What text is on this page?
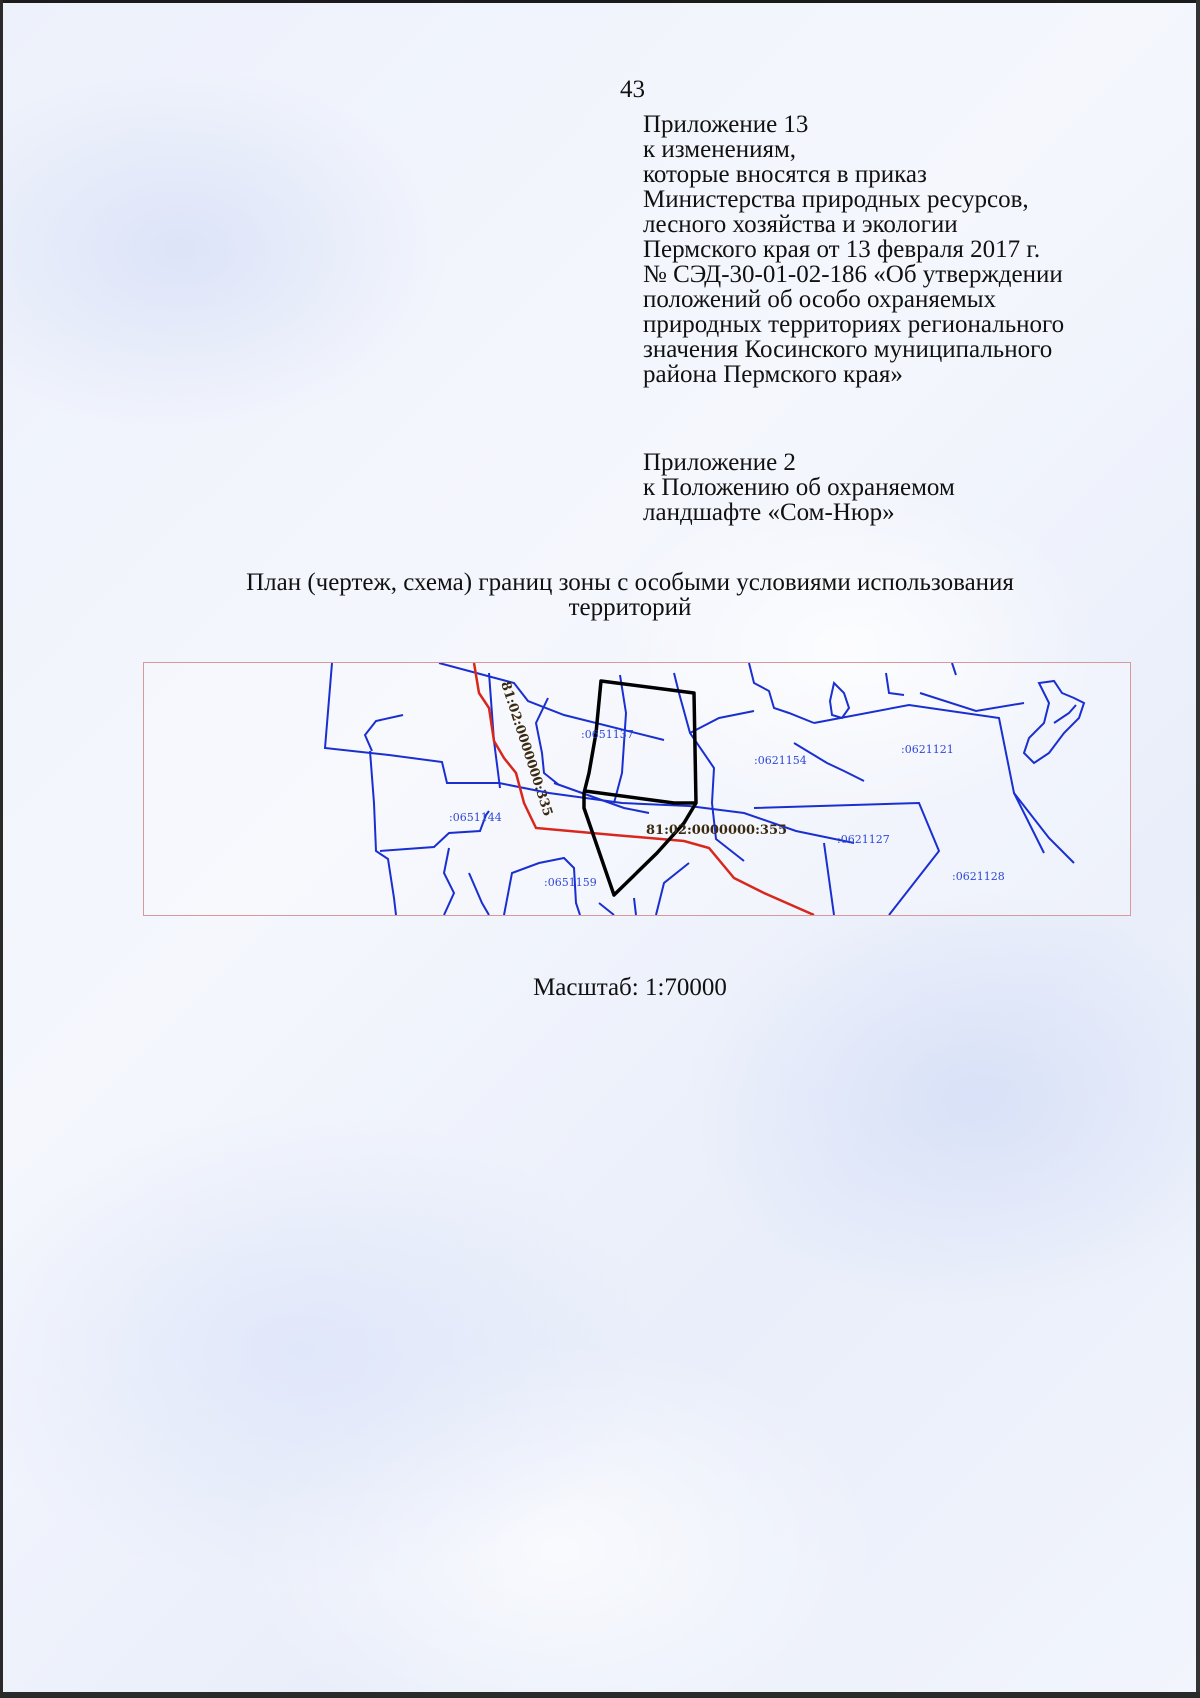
43
Приложение 13
к изменениям,
которые вносятся в приказ
Министерства природных ресурсов,
лесного хозяйства и экологии
Пермского края от 13 февраля 2017 г.
№ СЭД-30-01-02-186 «Об утверждении
положений об особо охраняемых
природных территориях регионального
значения Косинского муниципального
района Пермского края»
Приложение 2
к Положению об охраняемом
ландшафте «Сом-Нюр»
План (чертеж, схема) границ зоны с особыми условиями использования
территорий
:0651137
:0621154
:0621121
:0651144
:0621127
:0621128
:0651159
81:02:0000000:335
81:02:0000000:355
Масштаб: 1:70000
